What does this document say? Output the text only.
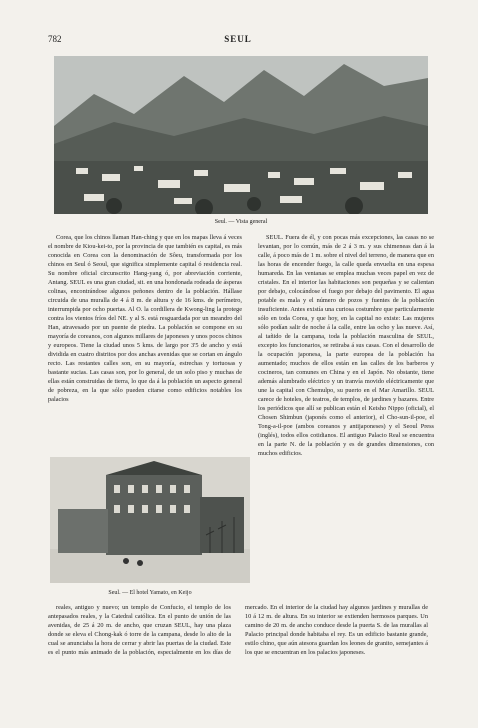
782	SEUL
Seul. — Vista general

Corea, que los chinos llaman Han-ching y que en los mapas lleva á veces el nombre de Kiou-kei-to, por la provincia de que también es capital, es más conocida en Corea con la denominación de Sôeu, transformada por los chinos en Seul ó Seoul, que significa simplemente capital ó residencia real. Su nombre oficial circunscrito Hang-yang ó, por abreviación corriente, Antang. SEUL es una gran ciudad, sit. en una hondonada rodeada de ásperas colinas, encontrándose algunos peñones dentro de la población. Hállase circuida de una muralla de 4 á 8 m. de altura y de 16 kms. de perímetro, interrumpida por ocho puertas. Al O. la cordillera de Kwong-ling la protege contra los vientos fríos del NE. y al S. está resguardada por un meandro del Han, atravesado por un puente de piedra. La población se compone en su mayoría de coreanos, con algunos millares de japoneses y unos pocos chinos y europeos. Tiene la ciudad unos 5 kms. de largo por 3'5 de ancho y está dividida en cuatro distritos por dos anchas avenidas que se cortan en ángulo recto. Las restantes calles son, en su mayoría, estrechas y tortuosas y bastante sucias. Las casas son, por lo general, de un solo piso y muchas de ellas están construidas de tierra, lo que da á la población un aspecto general de pobreza, en la que sólo pueden citarse como edificios notables los palacios

Seul. — El hotel Yamato, en Keijo

SEUL. Fuera de él, y con pocas más excepciones, las casas no se levantan, por lo común, más de 2 á 3 m. y sus chimeneas dan á la calle, á poco más de 1 m. sobre el nivel del terreno, de manera que en las horas de encender fuego, la calle queda envuelta en una espesa humareda. En las ventanas se emplea muchas veces papel en vez de cristales. En el interior las habitaciones son pequeñas y se calientan por debajo, colocándose el fuego por debajo del pavimento. El agua potable es mala y el número de pozos y fuentes de la población insuficiente. Antes existía una curiosa costumbre que particularmente sólo en toda Corea, y que hoy, en la capital no existe: Las mujeres sólo podían salir de noche á la calle, entre las ocho y las nueve. Así, al tañido de la campana, toda la población masculina de SEUL, excepto los funcionarios, se retiraba á sus casas. Con el desarrollo de la ocupación japonesa, la parte europea de la población ha aumentado; muchos de ellos están en las calles de los barberos y cocineros, tan comunes en China y en el Japón. No obstante, tiene además alumbrado eléctrico y un tranvía movido eléctricamente que une la capital con Chemulpo, su puerto en el Mar Amarillo. SEUL carece de hoteles, de teatros, de templos, de jardines y bazares. Entre los periódicos que allí se publican están el Keisho Nippo (oficial), el Chosen Shimbun (japonés como el anterior), el Cho-sun-il-poe, el Tong-a-il-poe (ambos coreanos y antijaponeses) y el Seoul Press (inglés), todos ellos cotidianos. El antiguo Palacio Real se encuentra en la parte N. de la población y es de grandes dimensiones, con muchos edificios.

reales, antiguo y nuevo; un templo de Confucio, el templo de los antepasados reales, y la Catedral católica. En el punto de unión de las avenidas, de 25 á 20 m. de ancho, que cruzan SEUL, hay una plaza donde se eleva el Chong-kak ó torre de la campana, desde lo alto de la cual se anunciaba la hora de cerrar y abrir las puertas de la ciudad. Este es el punto más animado de la población, especialmente en los días de mercado. En el interior de la ciudad hay algunos jardines y murallas de 10 á 12 m. de altura. En su interior se extienden hermosos parques. Un camino de 20 m. de ancho conduce desde la puerta S. de las murallas al Palacio principal donde habitaba el rey. Es un edificio bastante grande, estilo chino, que aún atesora guardan los leones de granito, semejantes á los que se encuentran en los palacios japoneses.
